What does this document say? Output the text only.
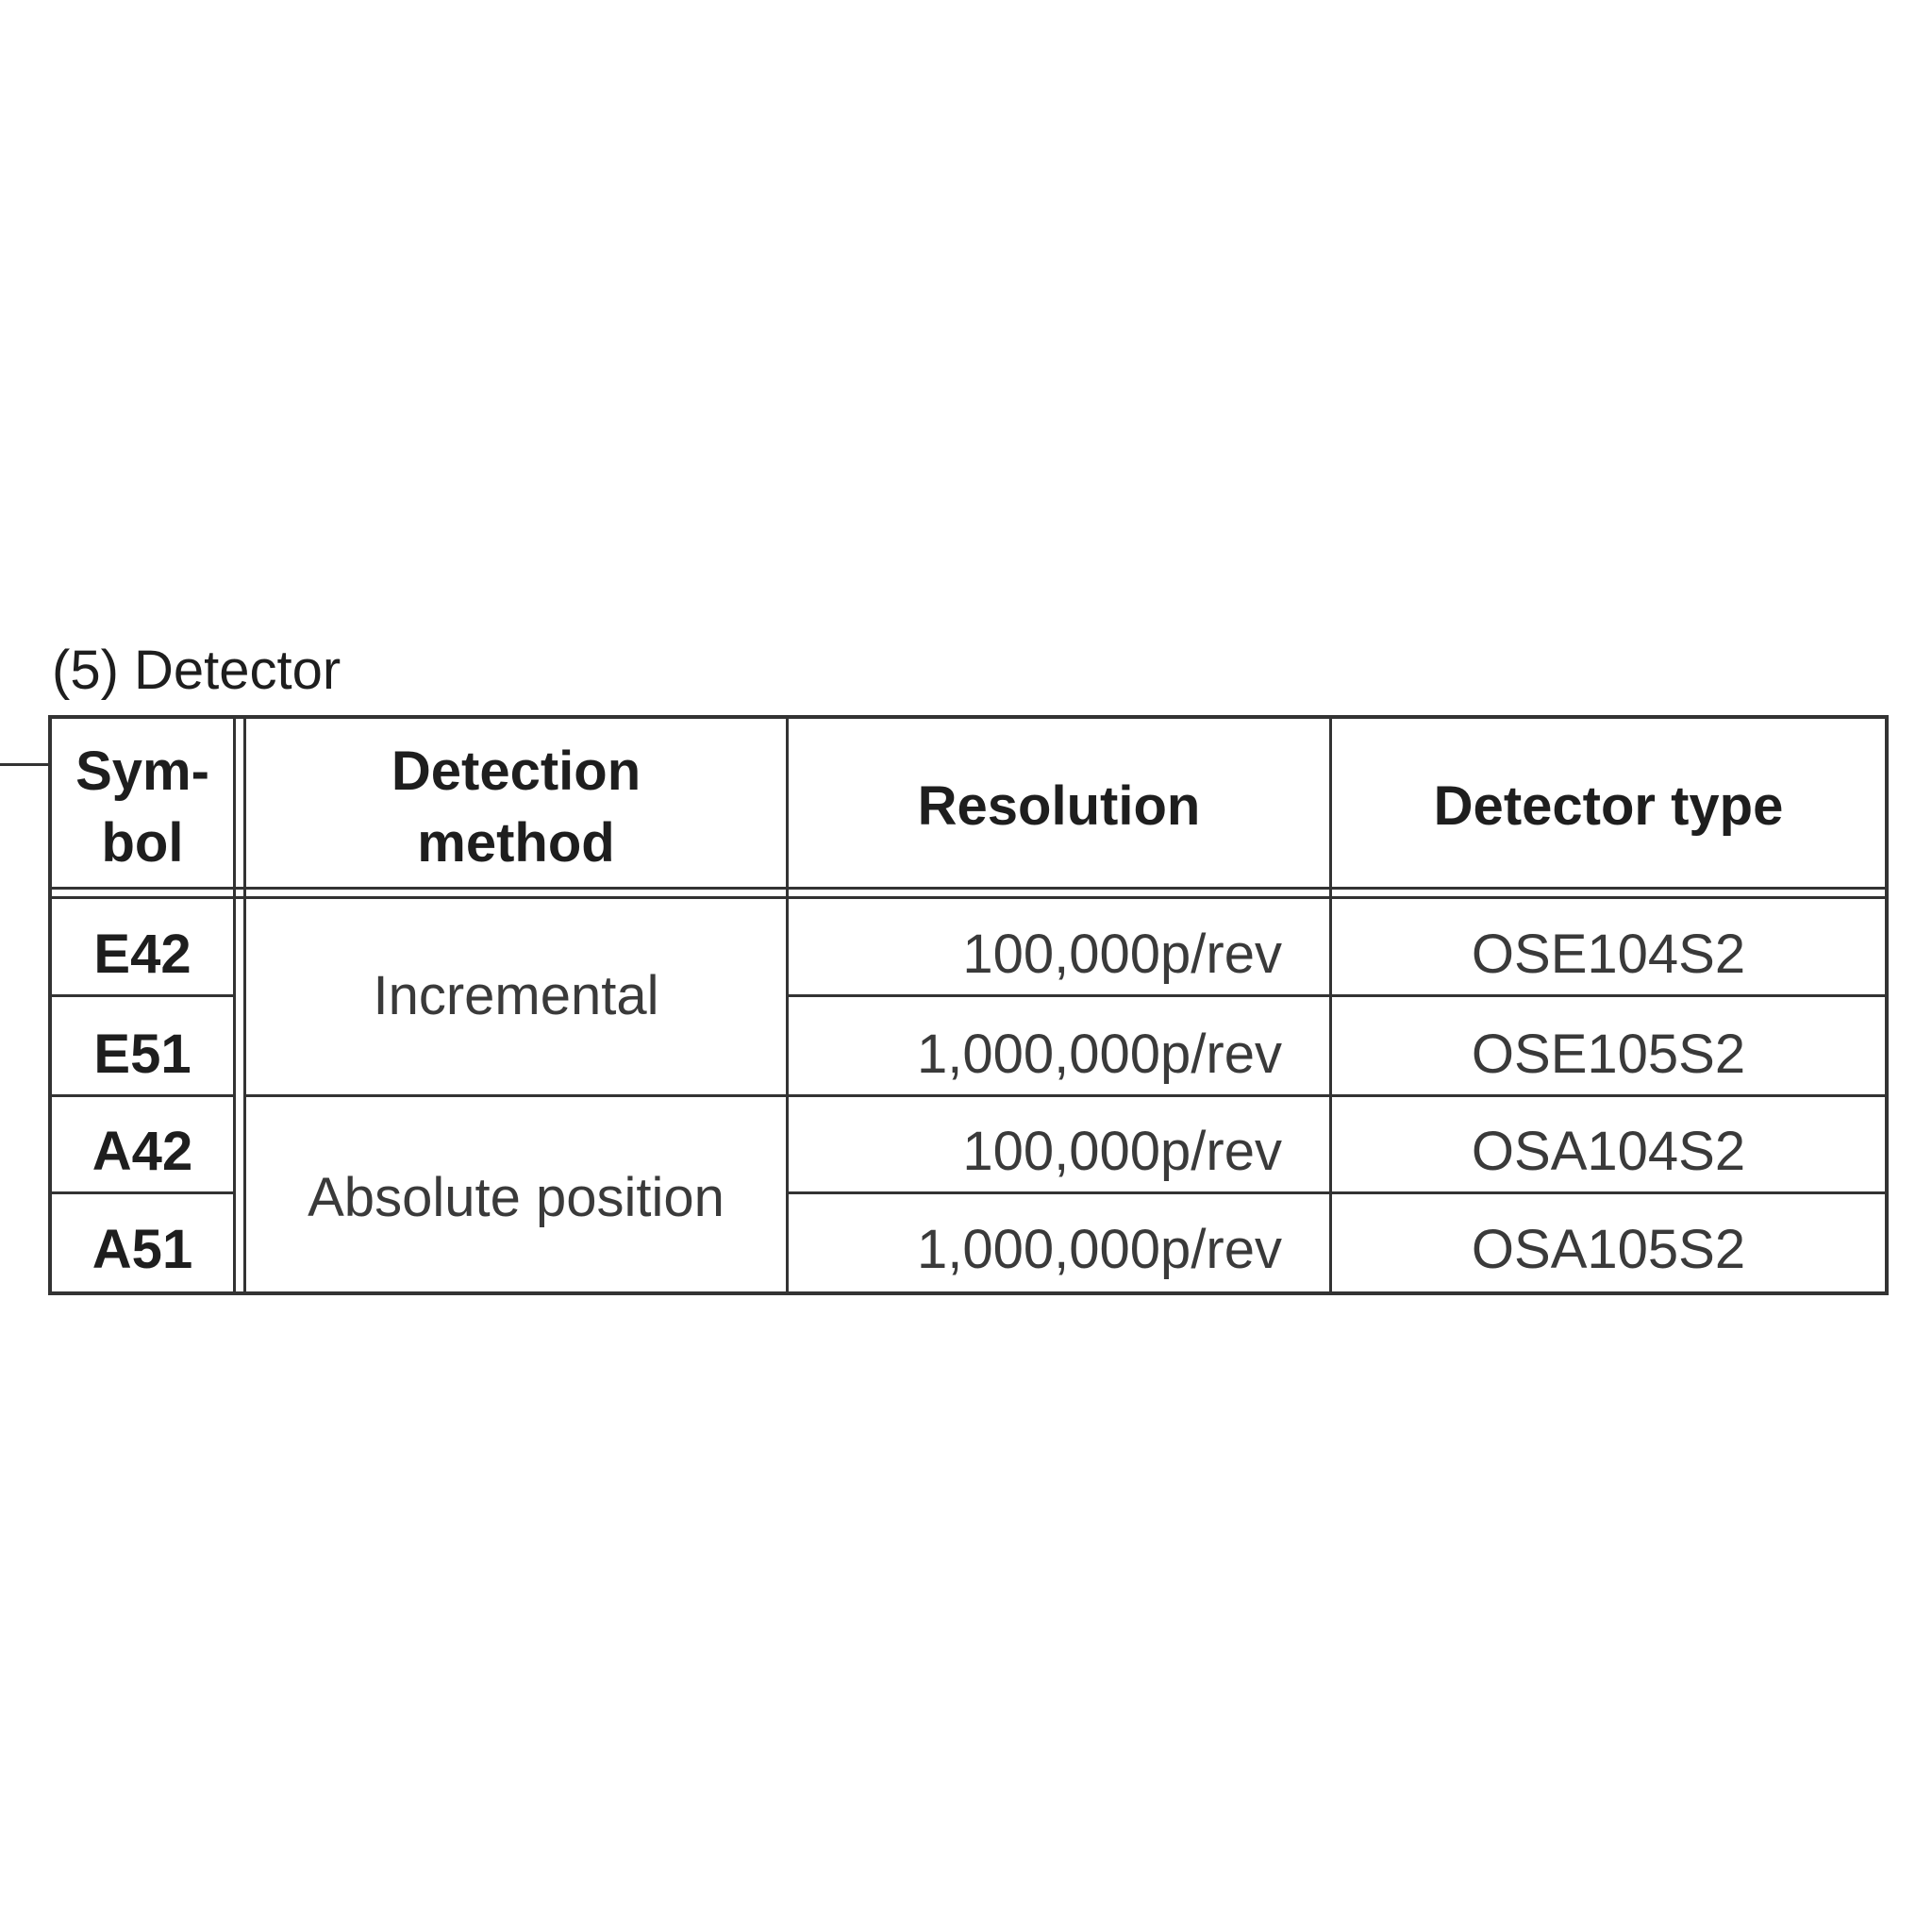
(5) Detector
Sym-
bol
Detection
method
Resolution	Detector type
E42
E51
A42
A51
Incremental
Absolute position
100,000p/rev
1,000,000p/rev
100,000p/rev
1,000,000p/rev
OSE104S2
OSE105S2
OSA104S2
OSA105S2
